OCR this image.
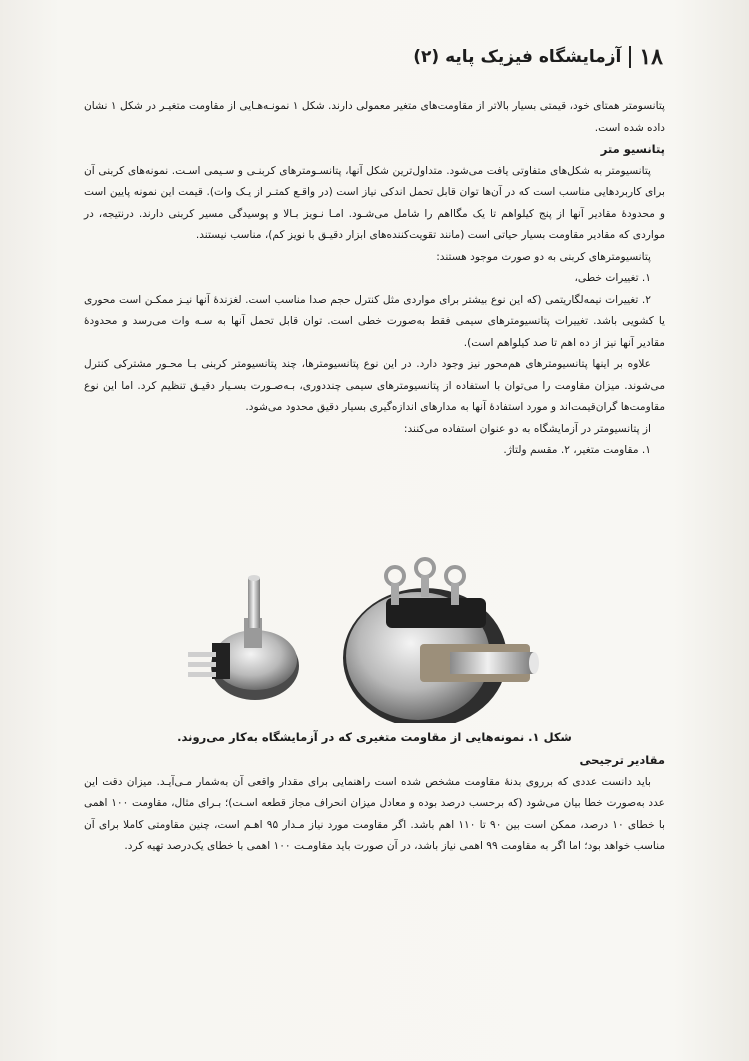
۱۸
آزمایشگاه فیزیک پایه (۲)

پتانسومتر همتای خود، قیمتی بسیار بالاتر از مقاومت‌های متغیر معمولی دارند. شکل ۱ نمونـه‌هـایی از مقاومت متغیـر در شکل ۱ نشان داده شده است.

پتانسیو متر

پتانسیومتر به شکل‌های متفاوتی یافت می‌شود. متداول‌ترین شکل آنها، پتانسـومترهای کربنـی و سـیمی اسـت. نمونه‌های کربنی آن برای کاربردهایی مناسب است که در آن‌ها توان قابل تحمل اندکی نیاز است (در واقـع کمتـر از یـک وات). قیمت این نمونه پایین است و محدودهٔ مقادیر آنها از پنج کیلواهم تا یک مگااهم را شامل می‌شـود. امـا نـویز بـالا و پوسیدگی مسیر کربنی دارند. درنتیجه، در مواردی که مقادیر مقاومت بسیار حیاتی است (مانند تقویت‌کننده‌های ابزار دقیـق با نویز کم)، مناسب نیستند.

پتانسیومترهای کربنی به دو صورت موجود هستند:

۱. تغییرات خطی،

۲. تغییرات نیمه‌لگاریتمی (که این نوع بیشتر برای مواردی مثل کنترل حجم صدا مناسب است. لغزندهٔ آنها نیـز ممکـن است محوری یا کشویی باشد. تغییرات پتانسیومترهای سیمی فقط به‌صورت خطی است. توان قابل تحمل آنها به سـه وات می‌رسد و محدودهٔ مقادیر آنها نیز از ده اهم تا صد کیلواهم است).

علاوه بر اینها پتانسیومترهای هم‌محور نیز وجود دارد. در این نوع پتانسیومترها، چند پتانسیومتر کربنی بـا محـور مشترکی کنترل می‌شوند. میزان مقاومت را می‌توان با استفاده از پتانسیومترهای سیمی چنددوری، بـه‌صـورت بسـیار دقیـق تنظیم کرد. اما این نوع مقاومت‌ها گران‌قیمت‌اند و مورد استفادهٔ آنها به مدارهای اندازه‌گیری بسیار دقیق محدود می‌شود.

از پتانسیومتر در آزمایشگاه به دو عنوان استفاده می‌کنند:

۱. مقاومت متغیر، ۲. مقسم ولتاژ.

شکل ۱. نمونه‌هایی از مقاومت متغیری که در آزمایشگاه به‌کار می‌روند.

مقادیر ترجیحی

باید دانست عددی که برروی بدنهٔ مقاومت مشخص شده است راهنمایی برای مقدار واقعی آن به‌شمار مـی‌آیـد. میزان دقت این عدد به‌صورت خطا بیان می‌شود (که برحسب درصد بوده و معادل میزان انحراف مجاز قطعه اسـت)؛ بـرای مثال، مقاومت ۱۰۰ اهمی با خطای ۱۰ درصد، ممکن است بین ۹۰ تا ۱۱۰ اهم باشد. اگر مقاومت مورد نیاز مـدار ۹۵ اهـم است، چنین مقاومتی کاملا برای آن مناسب خواهد بود؛ اما اگر به مقاومت ۹۹ اهمی نیاز باشد، در آن صورت باید مقاومـت ۱۰۰ اهمی با خطای یک‌درصد تهیه کرد.
